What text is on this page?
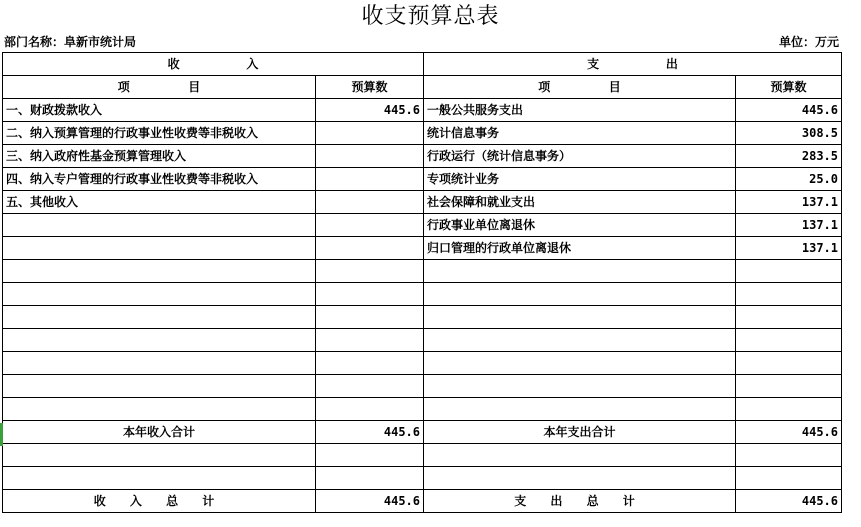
收支预算总表
部门名称：阜新市统计局	单位：万元
收                入		支                出	
项              目	预算数	项              目	预算数
一、财政拨款收入	445.6	一般公共服务支出	445.6
二、纳入预算管理的行政事业性收费等非税收入		统计信息事务	308.5
三、纳入政府性基金预算管理收入		行政运行（统计信息事务）	283.5
四、纳入专户管理的行政事业性收费等非税收入		专项统计业务	25.0
五、其他收入		社会保障和就业支出	137.1
		行政事业单位离退休	137.1
		归口管理的行政单位离退休	137.1

本年收入合计	445.6	本年支出合计	445.6

收 入 总 计	445.6	支 出 总 计	445.6
